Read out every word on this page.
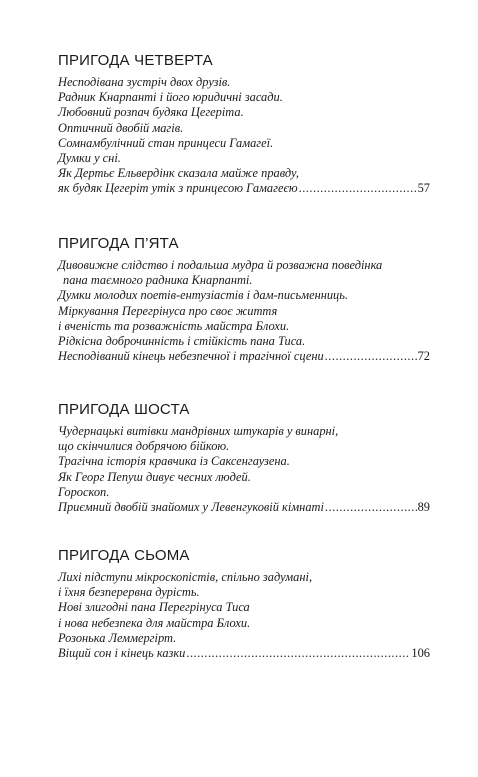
ПРИГОДА ЧЕТВЕРТА
Несподівана зустріч двох друзів.
Радник Кнарпанті і його юридичні засади.
Любовний розпач будяка Цегеріта.
Оптичний двобій магів.
Сомнамбулічний стан принцеси Гамагеї.
Думки у сні.
Як Дертьє Ельвердінк сказала майже правду,
як будяк Цегеріт утік з принцесою Гамагеєю .....	57
ПРИГОДА П’ЯТА
Дивовижне слідство і подальша мудра й розважна поведінка
пана таємного радника Кнарпанті.
Думки молодих поетів-ентузіастів і дам-письменниць.
Міркування Перегрінуса про своє життя
і вченість та розважність майстра Блохи.
Рідкісна доброчинність і стійкість пана Тиса.
Несподіваний кінець небезпечної і трагічної сцени .....	72
ПРИГОДА ШОСТА
Чудернацькі витівки мандрівних штукарів у винарні,
що скінчилися добрячою бійкою.
Трагічна історія кравчика із Саксенгаузена.
Як Георг Пепуш дивує чесних людей.
Гороскоп.
Приємний двобій знайомих у Левенгуковій кімнаті .....	89
ПРИГОДА СЬОМА
Лихі підступи мікроскопістів, спільно задумані,
і їхня безперервна дурість.
Нові злигодні пана Перегрінуса Тиса
і нова небезпека для майстра Блохи.
Розонька Леммергірт.
Віщий сон і кінець казки .....	106
